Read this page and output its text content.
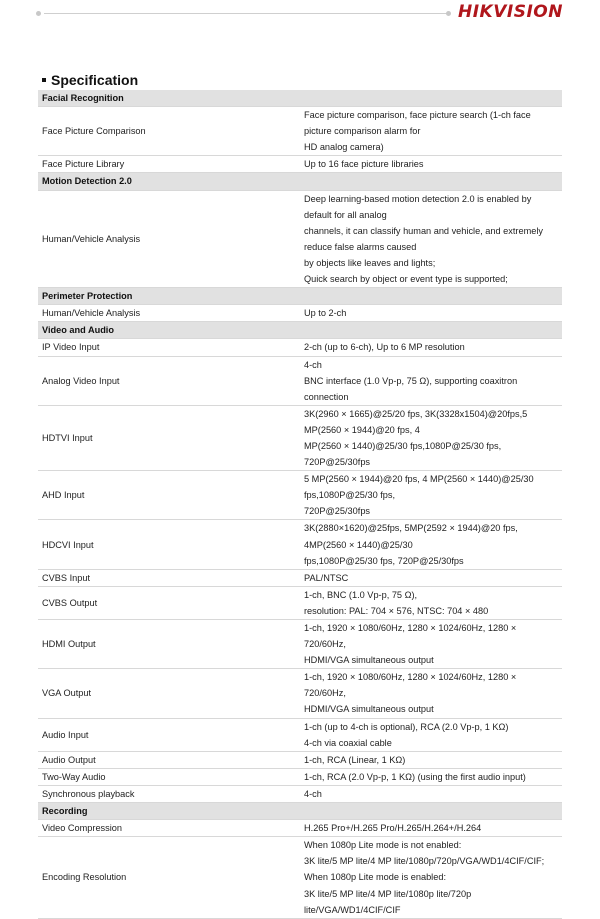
HIKVISION
Specification
Facial Recognition	
Face Picture Comparison	Face picture comparison, face picture search (1-ch face picture comparison alarm for
HD analog camera)

Face Picture Library	Up to 16 face picture libraries

Motion Detection 2.0	
Human/Vehicle Analysis	Deep learning-based motion detection 2.0 is enabled by default for all analog
channels, it can classify human and vehicle, and extremely reduce false alarms caused
by objects like leaves and lights;
Quick search by object or event type is supported;

Perimeter Protection	
Human/Vehicle Analysis	Up to 2-ch

Video and Audio	
IP Video Input	2-ch (up to 6-ch), Up to 6 MP resolution

Analog Video Input	4-ch
BNC interface (1.0 Vp-p, 75 Ω), supporting coaxitron connection

HDTVI Input	3K(2960 × 1665)@25/20 fps, 3K(3328x1504)@20fps,5 MP(2560 × 1944)@20 fps, 4
MP(2560 × 1440)@25/30 fps,1080P@25/30 fps, 720P@25/30fps

AHD Input	5 MP(2560 × 1944)@20 fps, 4 MP(2560 × 1440)@25/30 fps,1080P@25/30 fps,
720P@25/30fps

HDCVI Input	3K(2880×1620)@25fps, 5MP(2592 × 1944)@20 fps, 4MP(2560 × 1440)@25/30
fps,1080P@25/30 fps, 720P@25/30fps

CVBS Input	PAL/NTSC

CVBS Output	1-ch, BNC (1.0 Vp-p, 75 Ω),
resolution: PAL: 704 × 576, NTSC: 704 × 480

HDMI Output	1-ch, 1920 × 1080/60Hz, 1280 × 1024/60Hz, 1280 × 720/60Hz,
HDMI/VGA simultaneous output

VGA Output	1-ch, 1920 × 1080/60Hz, 1280 × 1024/60Hz, 1280 × 720/60Hz,
HDMI/VGA simultaneous output

Audio Input	1-ch (up to 4-ch is optional), RCA (2.0 Vp-p, 1 KΩ)
4-ch via coaxial cable

Audio Output	1-ch, RCA (Linear, 1 KΩ)

Two-Way Audio	1-ch, RCA (2.0 Vp-p, 1 KΩ) (using the first audio input)

Synchronous playback	4-ch

Recording	
Video Compression	H.265 Pro+/H.265 Pro/H.265/H.264+/H.264

Encoding Resolution	When 1080p Lite mode is not enabled:
3K lite/5 MP lite/4 MP lite/1080p/720p/VGA/WD1/4CIF/CIF;
When 1080p Lite mode is enabled:
3K lite/5 MP lite/4 MP lite/1080p lite/720p lite/VGA/WD1/4CIF/CIF
